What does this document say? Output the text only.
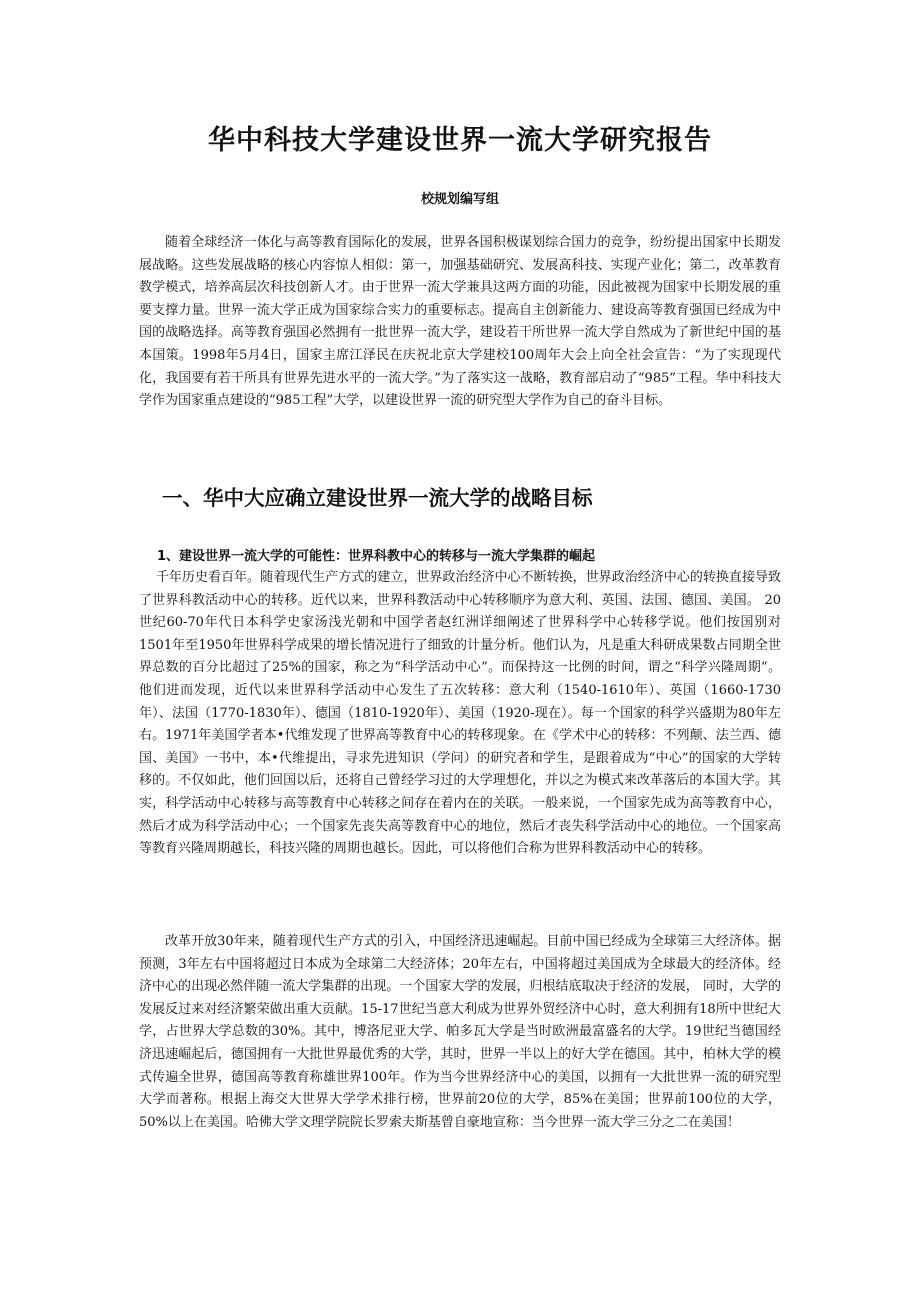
华中科技大学建设世界一流大学研究报告

校规划编写组

随着全球经济一体化与高等教育国际化的发展，世界各国积极谋划综合国力的竞争，纷纷提出国家中长期发展战略。这些发展战略的核心内容惊人相似：第一，加强基础研究、发展高科技、实现产业化；第二，改革教育教学模式，培养高层次科技创新人才。由于世界一流大学兼具这两方面的功能，因此被视为国家中长期发展的重要支撑力量。世界一流大学正成为国家综合实力的重要标志。提高自主创新能力、建设高等教育强国已经成为中国的战略选择。高等教育强国必然拥有一批世界一流大学，建设若干所世界一流大学自然成为了新世纪中国的基本国策。1998年5月4日，国家主席江泽民在庆祝北京大学建校100周年大会上向全社会宣告：“为了实现现代化，我国要有若干所具有世界先进水平的一流大学。”为了落实这一战略，教育部启动了“985”工程。华中科技大学作为国家重点建设的“985工程”大学，以建设世界一流的研究型大学作为自己的奋斗目标。

一、华中大应确立建设世界一流大学的战略目标
1、建设世界一流大学的可能性：世界科教中心的转移与一流大学集群的崛起

千年历史看百年。随着现代生产方式的建立，世界政治经济中心不断转换，世界政治经济中心的转换直接导致了世界科教活动中心的转移。近代以来，世界科教活动中心转移顺序为意大利、英国、法国、德国、美国。 20世纪60-70年代日本科学史家汤浅光朝和中国学者赵红洲详细阐述了世界科学中心转移学说。他们按国别对1501年至1950年世界科学成果的增长情况进行了细致的计量分析。他们认为，凡是重大科研成果数占同期全世界总数的百分比超过了25%的国家，称之为“科学活动中心”。而保持这一比例的时间，谓之“科学兴隆周期”。 他们进而发现，近代以来世界科学活动中心发生了五次转移：意大利（1540-1610年）、英国（1660-1730年）、法国（1770-1830年）、德国（1810-1920年）、美国（1920-现在）。每一个国家的科学兴盛期为80年左右。1971年美国学者本•代维发现了世界高等教育中心的转移现象。在《学术中心的转移：不列颠、法兰西、德国、美国》一书中，本•代维提出，寻求先进知识（学问）的研究者和学生，是跟着成为“中心”的国家的大学转移的。不仅如此，他们回国以后，还将自己曾经学习过的大学理想化，并以之为模式来改革落后的本国大学。其实，科学活动中心转移与高等教育中心转移之间存在着内在的关联。一般来说，一个国家先成为高等教育中心，然后才成为科学活动中心；一个国家先丧失高等教育中心的地位，然后才丧失科学活动中心的地位。一个国家高等教育兴隆周期越长，科技兴隆的周期也越长。因此，可以将他们合称为世界科教活动中心的转移。

改革开放30年来，随着现代生产方式的引入，中国经济迅速崛起。目前中国已经成为全球第三大经济体。据预测，3年左右中国将超过日本成为全球第二大经济体；20年左右，中国将超过美国成为全球最大的经济体。经济中心的出现必然伴随一流大学集群的出现。一个国家大学的发展，归根结底取决于经济的发展， 同时，大学的发展反过来对经济繁荣做出重大贡献。15-17世纪当意大利成为世界外贸经济中心时，意大利拥有18所中世纪大学，占世界大学总数的30%。其中，博洛尼亚大学、帕多瓦大学是当时欧洲最富盛名的大学。19世纪当德国经济迅速崛起后，德国拥有一大批世界最优秀的大学，其时，世界一半以上的好大学在德国。其中，柏林大学的模式传遍全世界，德国高等教育称雄世界100年。作为当今世界经济中心的美国，以拥有一大批世界一流的研究型大学而著称。根据上海交大世界大学学术排行榜，世界前20位的大学，85%在美国；世界前100位的大学，50%以上在美国。哈佛大学文理学院院长罗索夫斯基曾自豪地宣称：当今世界一流大学三分之二在美国！
